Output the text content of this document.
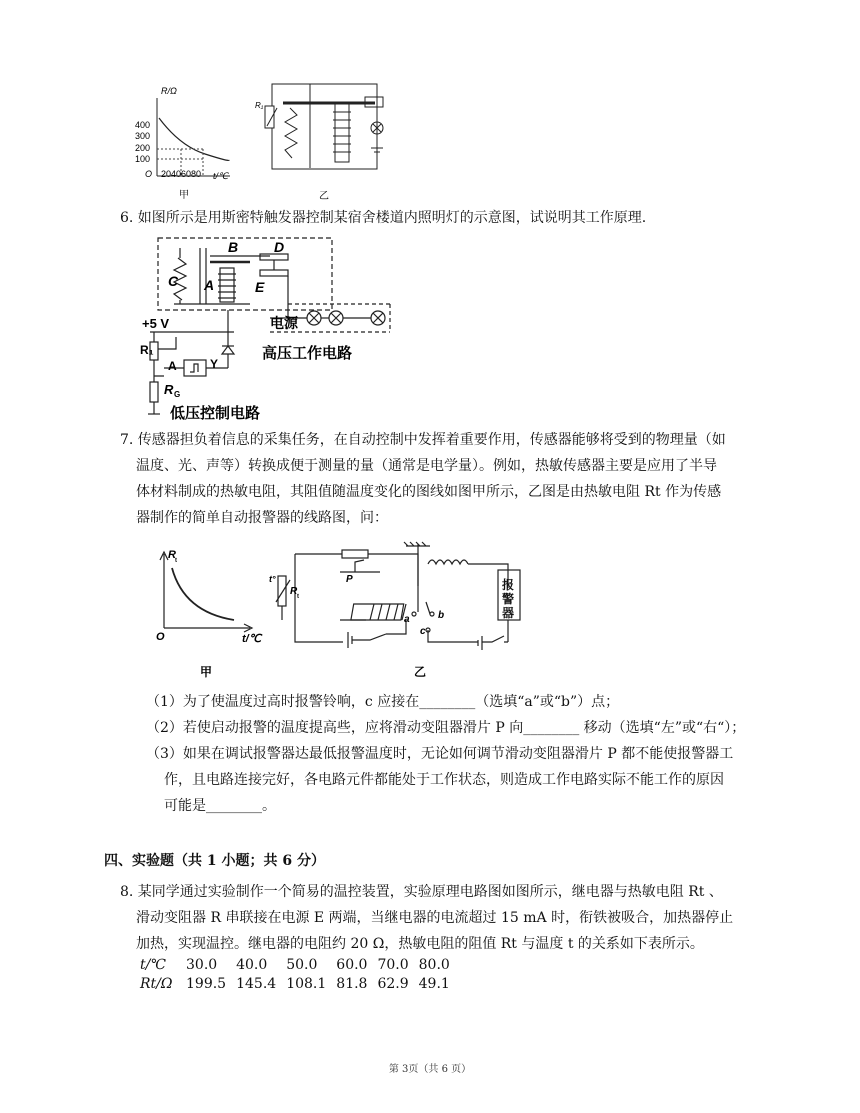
R/Ω
400
300
200
100
O 20406080 t/℃
甲
R₁
乙
6. 如图所示是用斯密特触发器控制某宿舍楼道内照明灯的示意图，试说明其工作原理.
B
C A
D
E
电源
+5 V
R₁
A	Y
R G
高压工作电路
低压控制电路
7. 传感器担负着信息的采集任务，在自动控制中发挥着重要作用，传感器能够将受到的物理量（如
温度、光、声等）转换成便于测量的量（通常是电学量）。例如，热敏传感器主要是应用了半导
体材料制成的热敏电阻，其阻值随温度变化的图线如图甲所示，乙图是由热敏电阻 Rt 作为传感
器制作的简单自动报警器的线路图，问：
R t
O	t/℃
甲
P
R t
t°
a	b
c
乙
报警器
（1）为了使温度过高时报警铃响，c 应接在________（选填“a”或“b”）点；
（2）若使启动报警的温度提高些，应将滑动变阻器滑片 P 向________ 移动（选填“左”或“右“）；
（3）如果在调试报警器达最低报警温度时，无论如何调节滑动变阻器滑片 P 都不能使报警器工
作，且电路连接完好，各电路元件都能处于工作状态，则造成工作电路实际不能工作的原因
可能是________。
四、实验题（共 1 小题；共 6 分）
8. 某同学通过实验制作一个简易的温控装置，实验原理电路图如图所示，继电器与热敏电阻 Rt 、
滑动变阻器 R 串联接在电源 E 两端，当继电器的电流超过 15 mA 时，衔铁被吸合，加热器停止
加热，实现温控。继电器的电阻约 20 Ω，热敏电阻的阻值 Rt 与温度 t 的关系如下表所示。
t/℃	30.0	40.0	50.0	60.0	70.0	80.0
Rt/Ω	199.5	145.4	108.1	81.8	62.9	49.1
第 3页（共 6 页）
